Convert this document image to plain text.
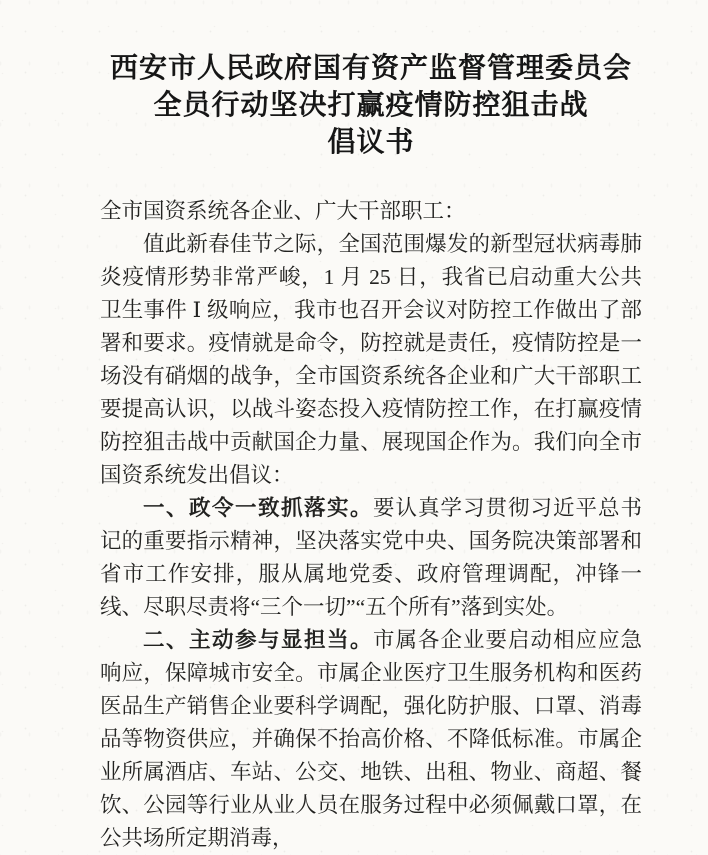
西安市人民政府国有资产监督管理委员会
全员行动坚决打赢疫情防控狙击战
倡议书

全市国资系统各企业、广大干部职工：

值此新春佳节之际，全国范围爆发的新型冠状病毒肺炎疫情形势非常严峻，1 月 25 日，我省已启动重大公共卫生事件 Ⅰ 级响应，我市也召开会议对防控工作做出了部署和要求。疫情就是命令，防控就是责任，疫情防控是一场没有硝烟的战争，全市国资系统各企业和广大干部职工要提高认识，以战斗姿态投入疫情防控工作，在打赢疫情防控狙击战中贡献国企力量、展现国企作为。我们向全市国资系统发出倡议：

一、政令一致抓落实。要认真学习贯彻习近平总书记的重要指示精神，坚决落实党中央、国务院决策部署和省市工作安排，服从属地党委、政府管理调配，冲锋一线、尽职尽责将“三个一切”“五个所有”落到实处。

二、主动参与显担当。市属各企业要启动相应应急响应，保障城市安全。市属企业医疗卫生服务机构和医药医品生产销售企业要科学调配，强化防护服、口罩、消毒品等物资供应，并确保不抬高价格、不降低标准。市属企业所属酒店、车站、公交、地铁、出租、物业、商超、餐饮、公园等行业从业人员在服务过程中必须佩戴口罩，在公共场所定期消毒，
